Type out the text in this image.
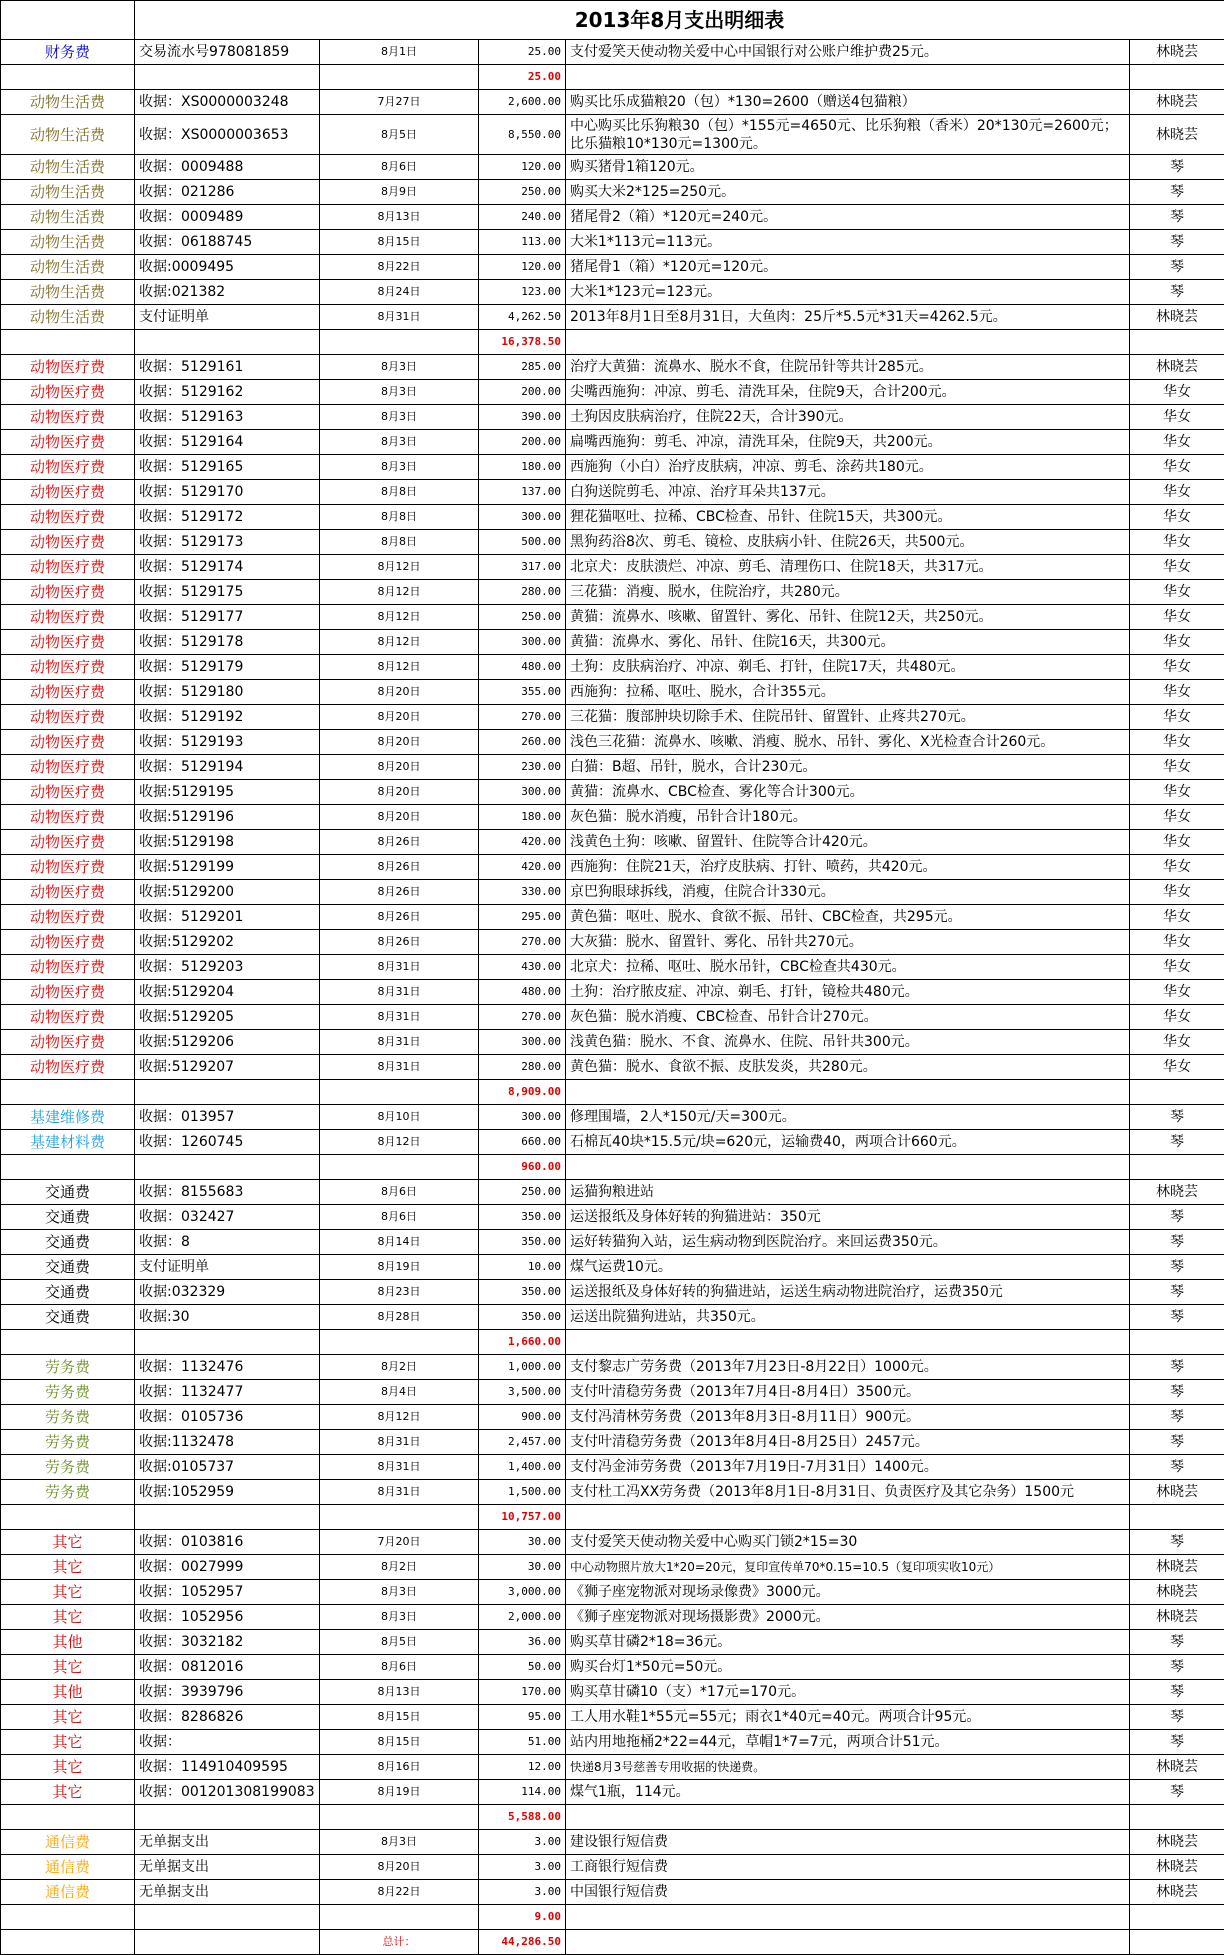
	2013年8月支出明细表				
财务费	交易流水号978081859	8月1日	25.00	支付爱笑天使动物关爱中心中国银行对公账户维护费25元。	林晓芸
			25.00		
动物生活费	收据：XS0000003248	7月27日	2,600.00	购买比乐成猫粮20（包）*130=2600（赠送4包猫粮）	林晓芸
动物生活费	收据：XS0000003653	8月5日	8,550.00	中心购买比乐狗粮30（包）*155元=4650元、比乐狗粮（香米）20*130元=2600元；比乐猫粮10*130元=1300元。	林晓芸
动物生活费	收据：0009488	8月6日	120.00	购买猪骨1箱120元。	琴
动物生活费	收据：021286	8月9日	250.00	购买大米2*125=250元。	琴
动物生活费	收据：0009489	8月13日	240.00	猪尾骨2（箱）*120元=240元。	琴
动物生活费	收据：06188745	8月15日	113.00	大米1*113元=113元。	琴
动物生活费	收据:0009495	8月22日	120.00	猪尾骨1（箱）*120元=120元。	琴
动物生活费	收据:021382	8月24日	123.00	大米1*123元=123元。	琴
动物生活费	支付证明单	8月31日	4,262.50	2013年8月1日至8月31日，大鱼肉：25斤*5.5元*31天=4262.5元。	林晓芸
			16,378.50		
动物医疗费	收据：5129161	8月3日	285.00	治疗大黄猫：流鼻水、脱水不食，住院吊针等共计285元。	林晓芸
动物医疗费	收据：5129162	8月3日	200.00	尖嘴西施狗：冲凉、剪毛、清洗耳朵，住院9天，合计200元。	华女
动物医疗费	收据：5129163	8月3日	390.00	土狗因皮肤病治疗，住院22天，合计390元。	华女
动物医疗费	收据：5129164	8月3日	200.00	扁嘴西施狗：剪毛、冲凉，清洗耳朵，住院9天，共200元。	华女
动物医疗费	收据：5129165	8月3日	180.00	西施狗（小白）治疗皮肤病，冲凉、剪毛、涂药共180元。	华女
动物医疗费	收据：5129170	8月8日	137.00	白狗送院剪毛、冲凉、治疗耳朵共137元。	华女
动物医疗费	收据：5129172	8月8日	300.00	狸花猫呕吐、拉稀、CBC检查、吊针、住院15天，共300元。	华女
动物医疗费	收据：5129173	8月8日	500.00	黑狗药浴8次、剪毛、镜检、皮肤病小针、住院26天，共500元。	华女
动物医疗费	收据：5129174	8月12日	317.00	北京犬：皮肤溃烂、冲凉、剪毛、清理伤口、住院18天，共317元。	华女
动物医疗费	收据：5129175	8月12日	280.00	三花猫：消瘦、脱水，住院治疗，共280元。	华女
动物医疗费	收据：5129177	8月12日	250.00	黄猫：流鼻水、咳嗽、留置针、雾化、吊针、住院12天，共250元。	华女
动物医疗费	收据：5129178	8月12日	300.00	黄猫：流鼻水、雾化、吊针、住院16天，共300元。	华女
动物医疗费	收据：5129179	8月12日	480.00	土狗：皮肤病治疗、冲凉、剃毛、打针，住院17天，共480元。	华女
动物医疗费	收据：5129180	8月20日	355.00	西施狗：拉稀、呕吐、脱水，合计355元。	华女
动物医疗费	收据：5129192	8月20日	270.00	三花猫：腹部肿块切除手术、住院吊针、留置针、止疼共270元。	华女
动物医疗费	收据：5129193	8月20日	260.00	浅色三花猫：流鼻水、咳嗽、消瘦、脱水、吊针、雾化、X光检查合计260元。	华女
动物医疗费	收据：5129194	8月20日	230.00	白猫：B超、吊针，脱水，合计230元。	华女
动物医疗费	收据:5129195	8月20日	300.00	黄猫：流鼻水、CBC检查、雾化等合计300元。	华女
动物医疗费	收据:5129196	8月20日	180.00	灰色猫：脱水消瘦，吊针合计180元。	华女
动物医疗费	收据:5129198	8月26日	420.00	浅黄色土狗：咳嗽、留置针、住院等合计420元。	华女
动物医疗费	收据:5129199	8月26日	420.00	西施狗：住院21天，治疗皮肤病、打针、喷药，共420元。	华女
动物医疗费	收据:5129200	8月26日	330.00	京巴狗眼球拆线，消瘦，住院合计330元。	华女
动物医疗费	收据：5129201	8月26日	295.00	黄色猫：呕吐、脱水、食欲不振、吊针、CBC检查，共295元。	华女
动物医疗费	收据:5129202	8月26日	270.00	大灰猫：脱水、留置针、雾化、吊针共270元。	华女
动物医疗费	收据：5129203	8月31日	430.00	北京犬：拉稀、呕吐、脱水吊针，CBC检查共430元。	华女
动物医疗费	收据:5129204	8月31日	480.00	土狗：治疗脓皮症、冲凉、剃毛、打针，镜检共480元。	华女
动物医疗费	收据:5129205	8月31日	270.00	灰色猫：脱水消瘦、CBC检查、吊针合计270元。	华女
动物医疗费	收据:5129206	8月31日	300.00	浅黄色猫：脱水、不食、流鼻水、住院、吊针共300元。	华女
动物医疗费	收据:5129207	8月31日	280.00	黄色猫：脱水、食欲不振、皮肤发炎，共280元。	华女
			8,909.00		
基建维修费	收据：013957	8月10日	300.00	修理围墙，2人*150元/天=300元。	琴
基建材料费	收据：1260745	8月12日	660.00	石棉瓦40块*15.5元/块=620元，运输费40，两项合计660元。	琴
			960.00		
交通费	收据：8155683	8月6日	250.00	运猫狗粮进站	林晓芸
交通费	收据：032427	8月6日	350.00	运送报纸及身体好转的狗猫进站：350元	琴
交通费	收据：8	8月14日	350.00	运好转猫狗入站，运生病动物到医院治疗。来回运费350元。	琴
交通费	支付证明单	8月19日	10.00	煤气运费10元。	琴
交通费	收据:032329	8月23日	350.00	运送报纸及身体好转的狗猫进站，运送生病动物进院治疗，运费350元	琴
交通费	收据:30	8月28日	350.00	运送出院猫狗进站，共350元。	琴
			1,660.00		
劳务费	收据：1132476	8月2日	1,000.00	支付黎志广劳务费（2013年7月23日-8月22日）1000元。	琴
劳务费	收据：1132477	8月4日	3,500.00	支付叶清稳劳务费（2013年7月4日-8月4日）3500元。	琴
劳务费	收据：0105736	8月12日	900.00	支付冯清林劳务费（2013年8月3日-8月11日）900元。	琴
劳务费	收据:1132478	8月31日	2,457.00	支付叶清稳劳务费（2013年8月4日-8月25日）2457元。	琴
劳务费	收据:0105737	8月31日	1,400.00	支付冯金沛劳务费（2013年7月19日-7月31日）1400元。	琴
劳务费	收据:1052959	8月31日	1,500.00	支付杜工冯XX劳务费（2013年8月1日-8月31日、负责医疗及其它杂务）1500元	林晓芸
			10,757.00		
其它	收据：0103816	7月20日	30.00	支付爱笑天使动物关爱中心购买门锁2*15=30	琴
其它	收据：0027999	8月2日	30.00	中心动物照片放大1*20=20元，复印宣传单70*0.15=10.5（复印项实收10元）	林晓芸
其它	收据：1052957	8月3日	3,000.00	《狮子座宠物派对现场录像费》3000元。	林晓芸
其它	收据：1052956	8月3日	2,000.00	《狮子座宠物派对现场摄影费》2000元。	林晓芸
其他	收据：3032182	8月5日	36.00	购买草甘磷2*18=36元。	琴
其它	收据：0812016	8月6日	50.00	购买台灯1*50元=50元。	琴
其他	收据：3939796	8月13日	170.00	购买草甘磷10（支）*17元=170元。	琴
其它	收据：8286826	8月15日	95.00	工人用水鞋1*55元=55元；雨衣1*40元=40元。两项合计95元。	琴
其它	收据：	8月15日	51.00	站内用地拖桶2*22=44元，草帽1*7=7元，两项合计51元。	琴
其它	收据：114910409595	8月16日	12.00	快递8月3号慈善专用收据的快递费。	林晓芸
其它	收据：001201308199083	8月19日	114.00	煤气1瓶，114元。	琴
			5,588.00		
通信费	无单据支出	8月3日	3.00	建设银行短信费	林晓芸
通信费	无单据支出	8月20日	3.00	工商银行短信费	林晓芸
通信费	无单据支出	8月22日	3.00	中国银行短信费	林晓芸
			9.00		
		总计：	44,286.50		
